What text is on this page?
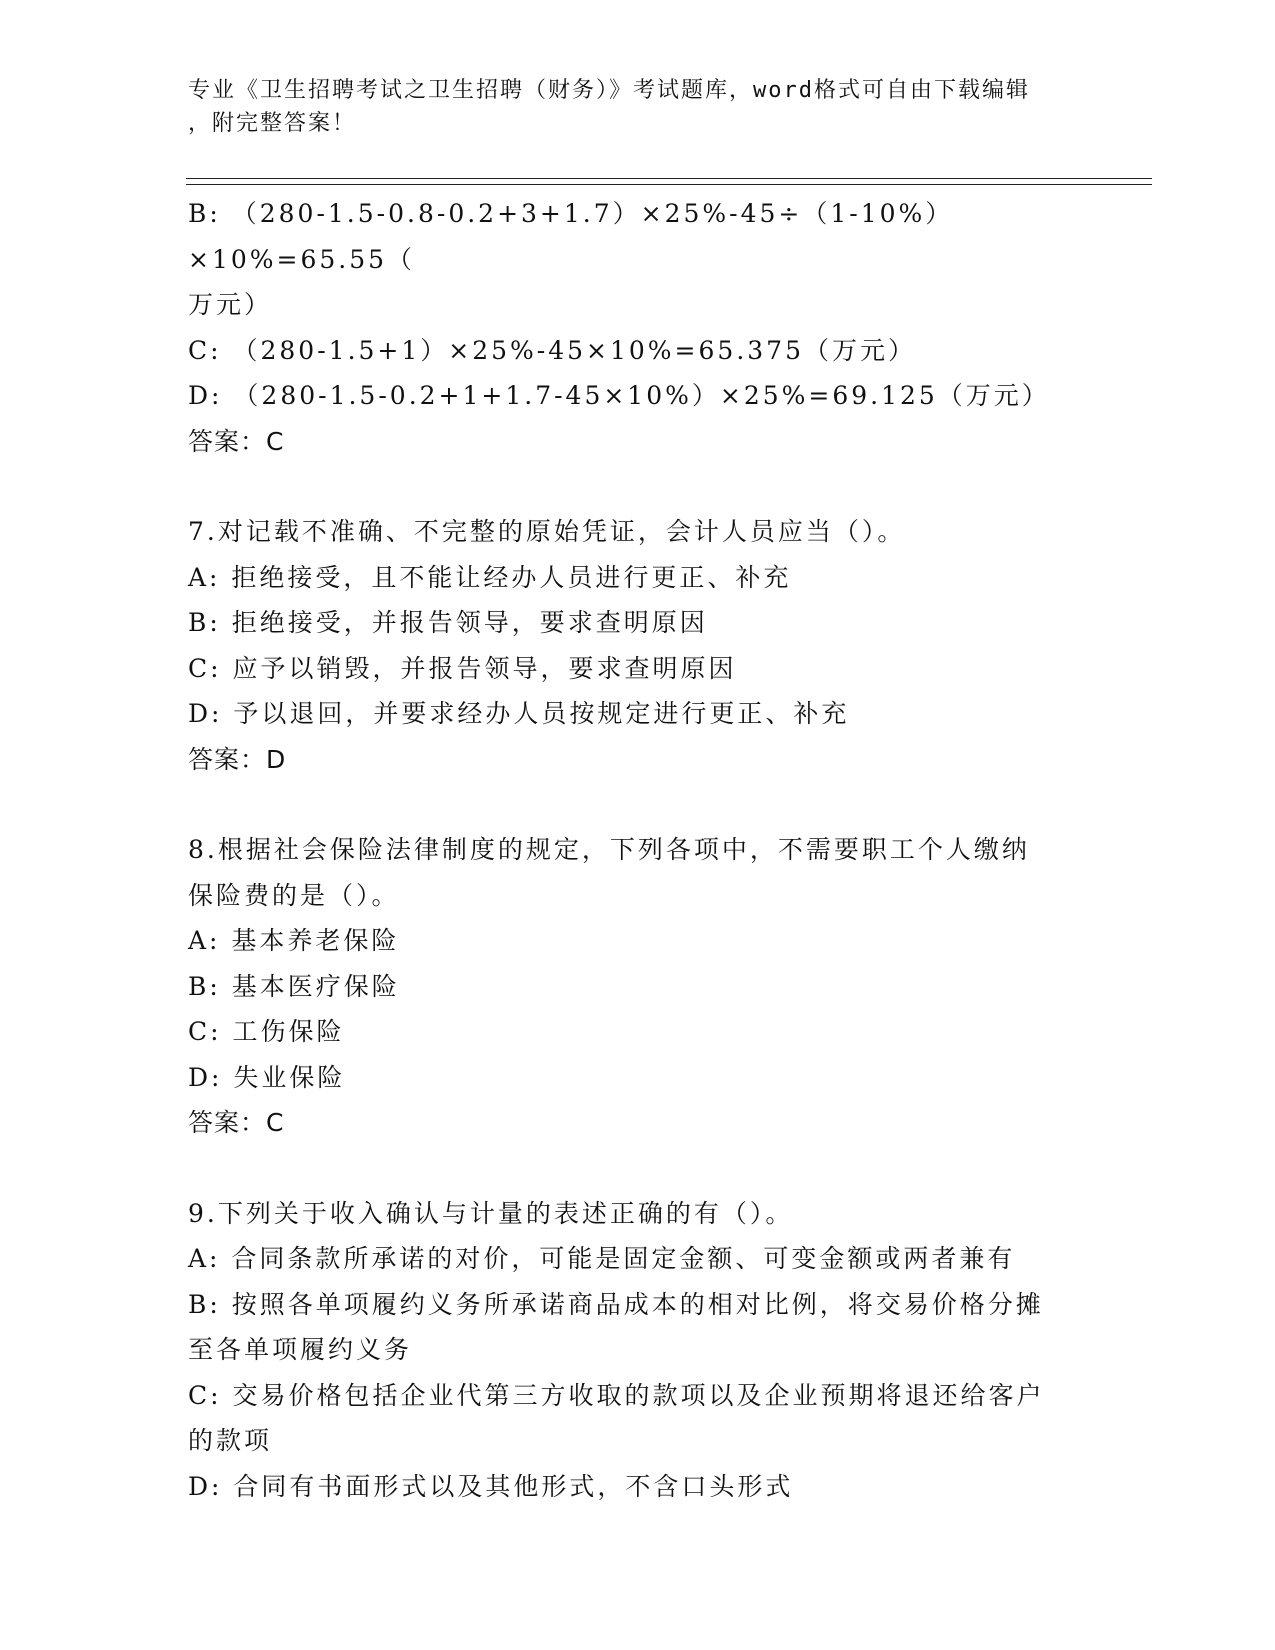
专业《卫生招聘考试之卫生招聘（财务）》考试题库，word格式可自由下载编辑
，附完整答案！
B: （280-1.5-0.8-0.2+3+1.7）×25%-45÷（1-10%）×10%=65.55（
万元）
C: （280-1.5+1）×25%-45×10%=65.375（万元）
D: （280-1.5-0.2+1+1.7-45×10%）×25%=69.125（万元）
答案：C
7.对记载不准确、不完整的原始凭证，会计人员应当（）。
A: 拒绝接受，且不能让经办人员进行更正、补充
B: 拒绝接受，并报告领导，要求查明原因
C: 应予以销毁，并报告领导，要求查明原因
D: 予以退回，并要求经办人员按规定进行更正、补充
答案：D
8.根据社会保险法律制度的规定，下列各项中，不需要职工个人缴纳
保险费的是（）。
A: 基本养老保险
B: 基本医疗保险
C: 工伤保险
D: 失业保险
答案：C
9.下列关于收入确认与计量的表述正确的有（）。
A: 合同条款所承诺的对价，可能是固定金额、可变金额或两者兼有
B: 按照各单项履约义务所承诺商品成本的相对比例，将交易价格分摊
至各单项履约义务
C: 交易价格包括企业代第三方收取的款项以及企业预期将退还给客户
的款项
D: 合同有书面形式以及其他形式，不含口头形式
